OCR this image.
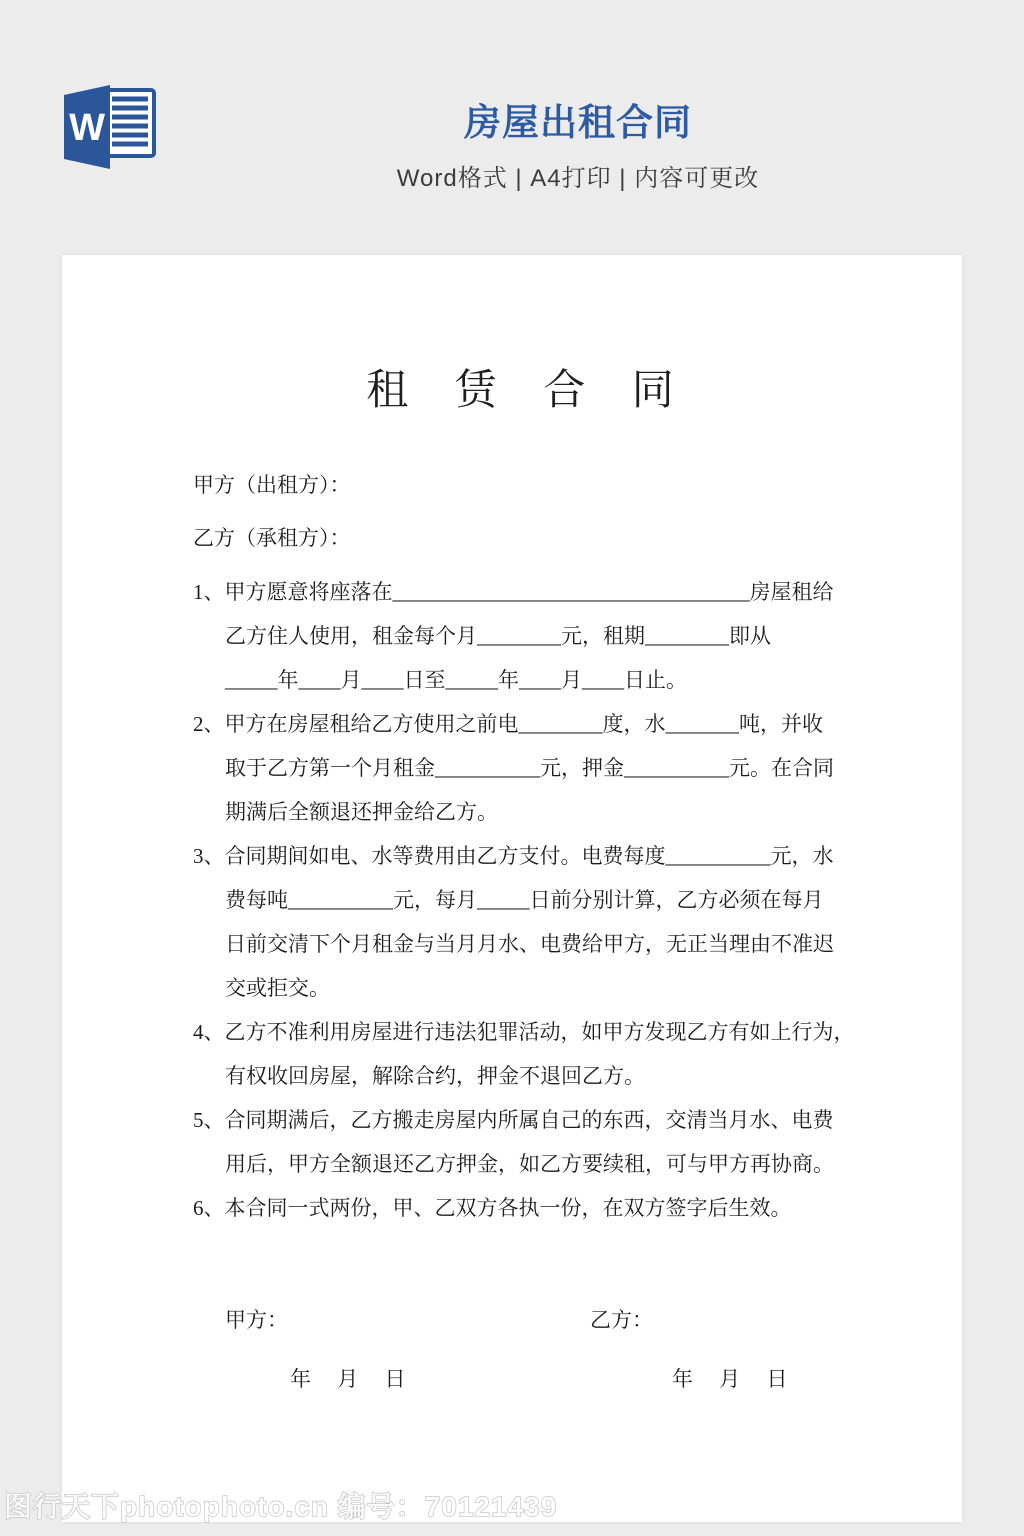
W	房屋出租合同
Word格式 | A4打印 | 内容可更改
租 赁 合 同

甲方（出租方）：

乙方（承租方）：

1、甲方愿意将座落在__________________________________房屋租给
乙方住人使用，租金每个月________元，租期________即从
_____年____月____日至_____年____月____日止。
2、甲方在房屋租给乙方使用之前电________度，水_______吨，并收
取于乙方第一个月租金__________元，押金__________元。在合同
期满后全额退还押金给乙方。
3、合同期间如电、水等费用由乙方支付。电费每度__________元，水
费每吨__________元，每月_____日前分别计算，乙方必须在每月
日前交清下个月租金与当月月水、电费给甲方，无正当理由不准迟
交或拒交。
4、乙方不准利用房屋进行违法犯罪活动，如甲方发现乙方有如上行为，
有权收回房屋，解除合约，押金不退回乙方。
5、合同期满后，乙方搬走房屋内所属自己的东西，交清当月水、电费
用后，甲方全额退还乙方押金，如乙方要续租，可与甲方再协商。
6、本合同一式两份，甲、乙双方各执一份，在双方签字后生效。
甲方：
年　 月　 日
乙方：
年　 月　 日
图行天下photophoto.cn 编号：70121439
